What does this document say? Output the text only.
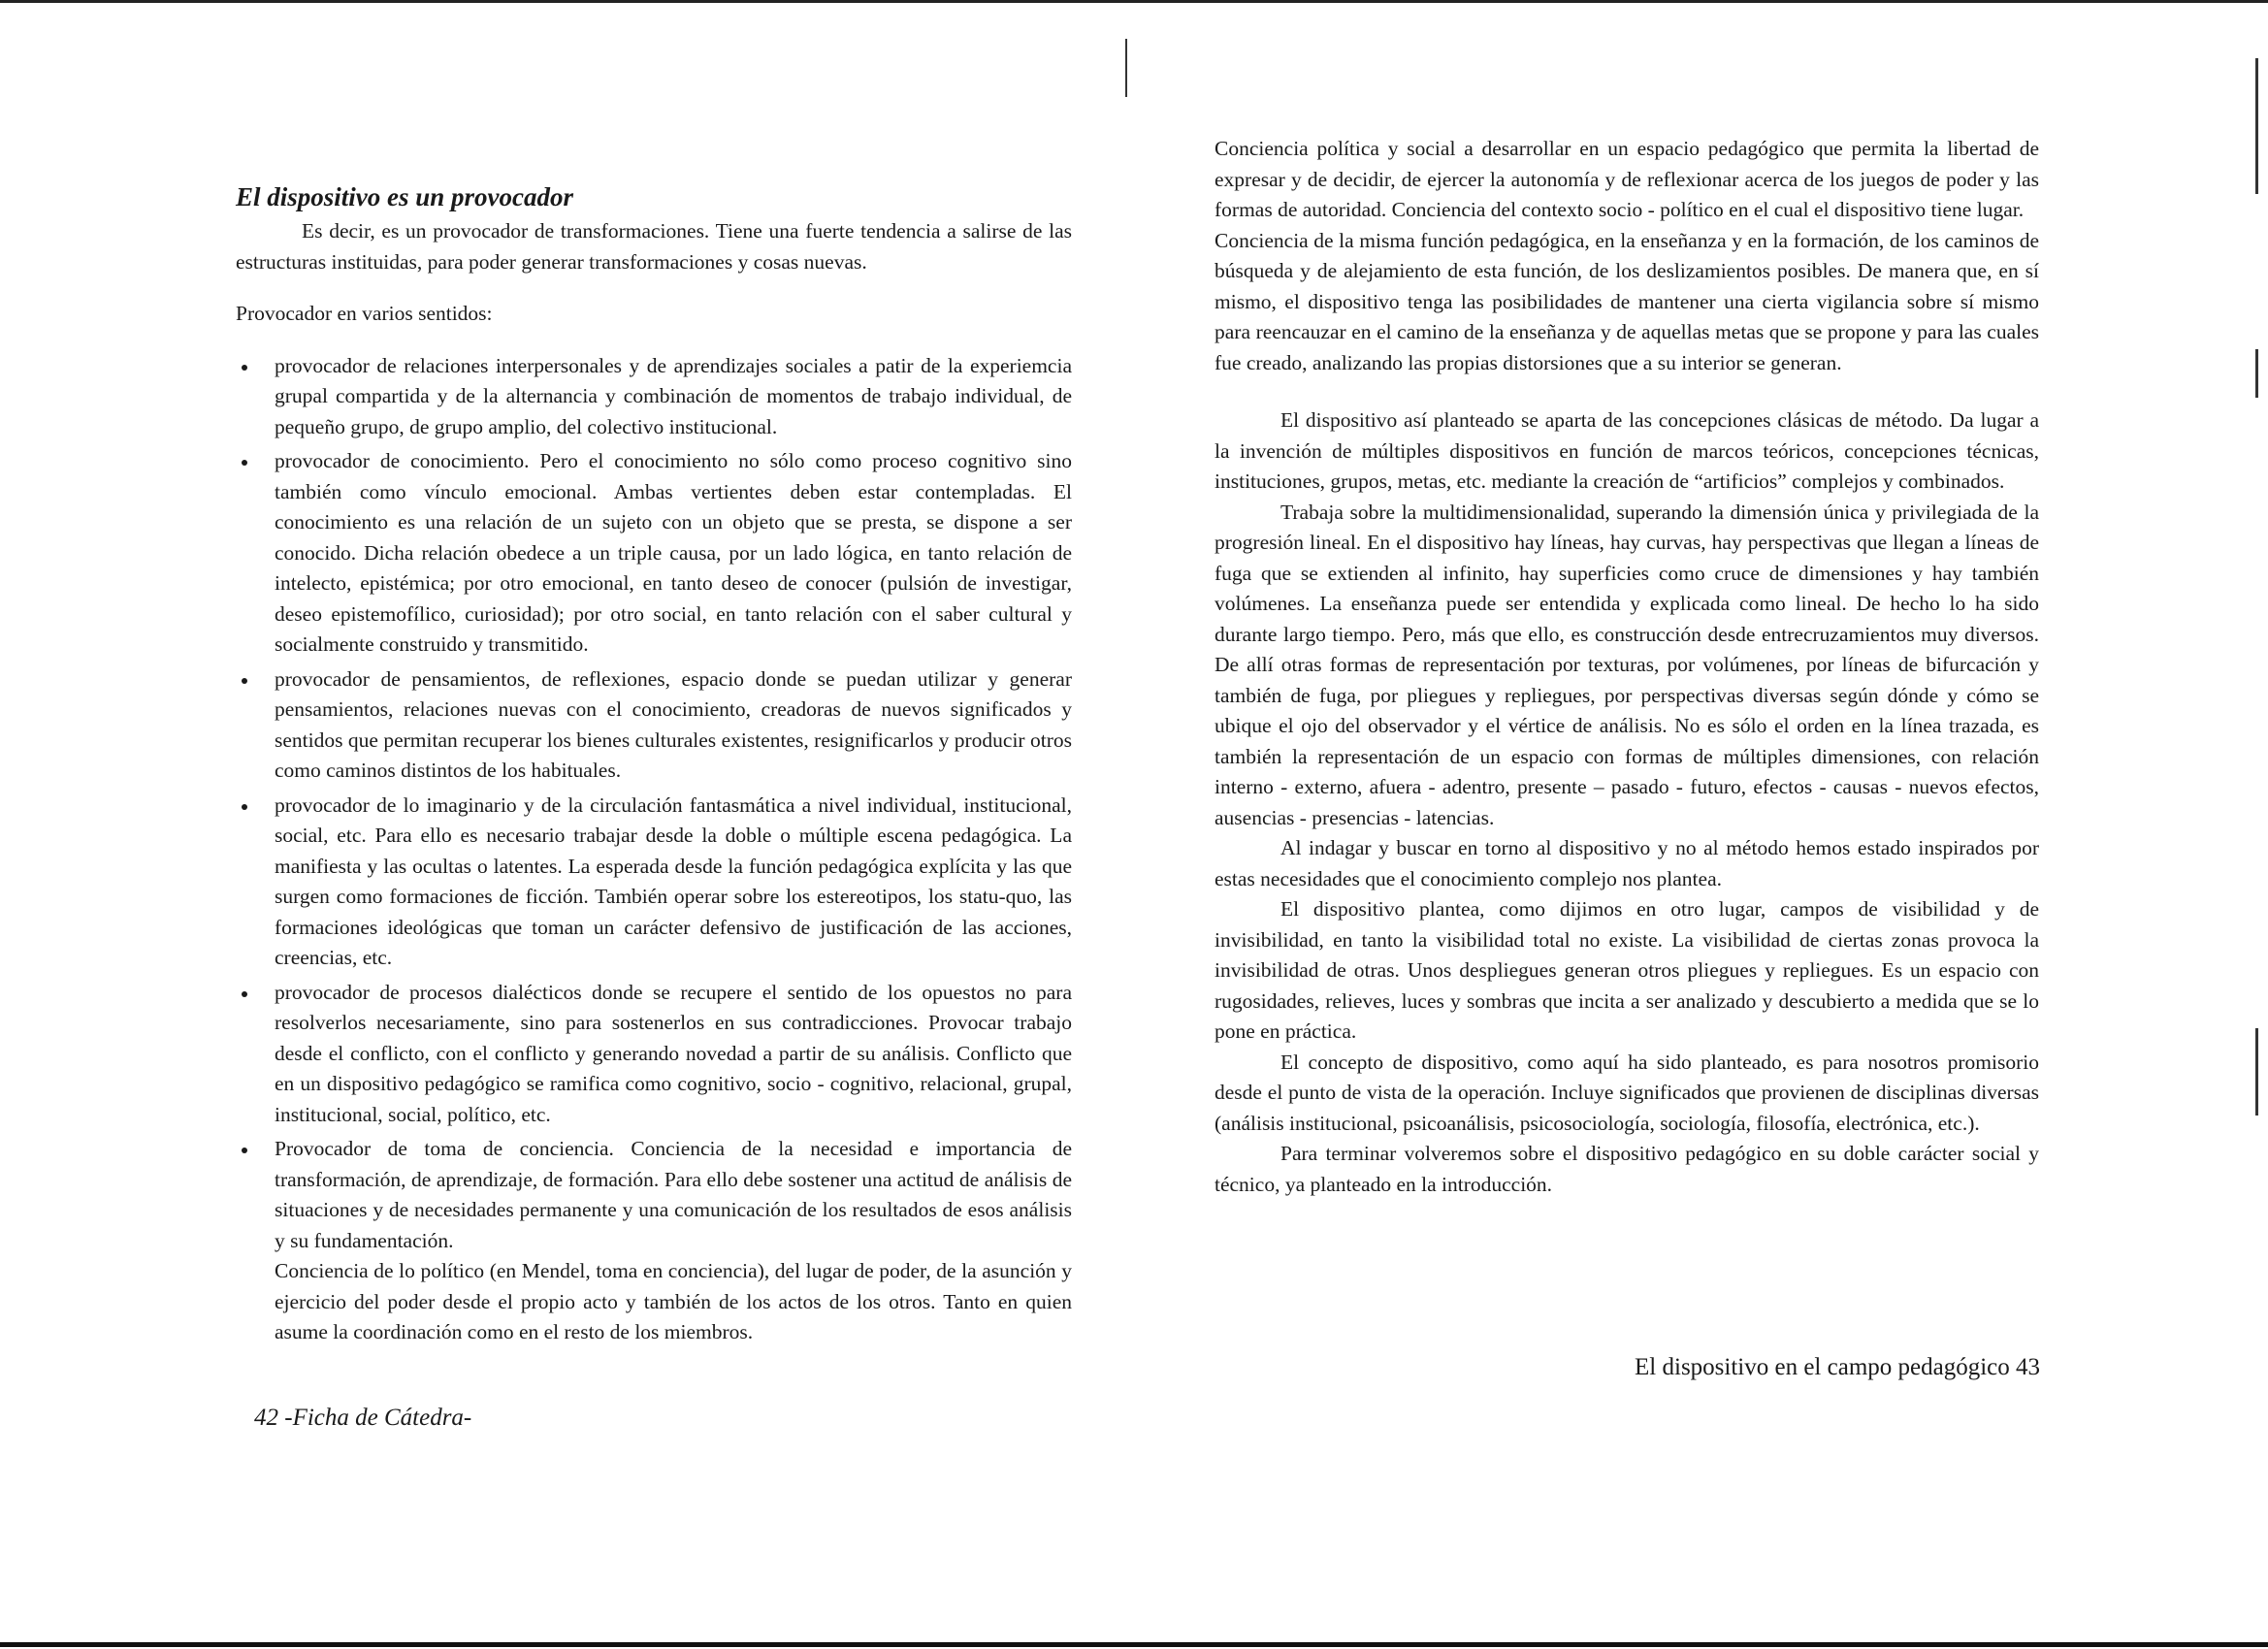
El dispositivo es un provocador

Es decir, es un provocador de transformaciones. Tiene una fuerte tendencia a salirse de las estructuras instituidas, para poder generar transformaciones y cosas nuevas.

Provocador en varios sentidos:

provocador de relaciones interpersonales y de aprendizajes sociales a patir de la experiemcia grupal compartida y de la alternancia y combinación de momentos de trabajo individual, de pequeño grupo, de grupo amplio, del colectivo institucional.

provocador de conocimiento. Pero el conocimiento no sólo como proceso cognitivo sino también como vínculo emocional. Ambas vertientes deben estar contempladas. El conocimiento es una relación de un sujeto con un objeto que se presta, se dispone a ser conocido. Dicha relación obedece a un triple causa, por un lado lógica, en tanto relación de intelecto, epistémica; por otro emocional, en tanto deseo de conocer (pulsión de investigar, deseo epistemofílico, curiosidad); por otro social, en tanto relación con el saber cultural y socialmente construido y transmitido.

provocador de pensamientos, de reflexiones, espacio donde se puedan utilizar y generar pensamientos, relaciones nuevas con el conocimiento, creadoras de nuevos significados y sentidos que permitan recuperar los bienes culturales existentes, resignificarlos y producir otros como caminos distintos de los habituales.

provocador de lo imaginario y de la circulación fantasmática a nivel individual, institucional, social, etc. Para ello es necesario trabajar desde la doble o múltiple escena pedagógica. La manifiesta y las ocultas o latentes. La esperada desde la función pedagógica explícita y las que surgen como formaciones de ficción. También operar sobre los estereotipos, los statu-quo, las formaciones ideológicas que toman un carácter defensivo de justificación de las acciones, creencias, etc.

provocador de procesos dialécticos donde se recupere el sentido de los opuestos no para resolverlos necesariamente, sino para sostenerlos en sus contradicciones. Provocar trabajo desde el conflicto, con el conflicto y generando novedad a partir de su análisis. Conflicto que en un dispositivo pedagógico se ramifica como cognitivo, socio - cognitivo, relacional, grupal, institucional, social, político, etc.

Provocador de toma de conciencia. Conciencia de la necesidad e importancia de transformación, de aprendizaje, de formación. Para ello debe sostener una actitud de análisis de situaciones y de necesidades permanente y una comunicación de los resultados de esos análisis y su fundamentación.

Conciencia de lo político (en Mendel, toma en conciencia), del lugar de poder, de la asunción y ejercicio del poder desde el propio acto y también de los actos de los otros. Tanto en quien asume la coordinación como en el resto de los miembros.
42 -Ficha de Cátedra-

Conciencia política y social a desarrollar en un espacio pedagógico que permita la libertad de expresar y de decidir, de ejercer la autonomía y de reflexionar acerca de los juegos de poder y las formas de autoridad. Conciencia del contexto socio - político en el cual el dispositivo tiene lugar.

Conciencia de la misma función pedagógica, en la enseñanza y en la formación, de los caminos de búsqueda y de alejamiento de esta función, de los deslizamientos posibles. De manera que, en sí mismo, el dispositivo tenga las posibilidades de mantener una cierta vigilancia sobre sí mismo para reencauzar en el camino de la enseñanza y de aquellas metas que se propone y para las cuales fue creado, analizando las propias distorsiones que a su interior se generan.

El dispositivo así planteado se aparta de las concepciones clásicas de método. Da lugar a la invención de múltiples dispositivos en función de marcos teóricos, concepciones técnicas, instituciones, grupos, metas, etc. mediante la creación de “artificios” complejos y combinados.

Trabaja sobre la multidimensionalidad, superando la dimensión única y privilegiada de la progresión lineal. En el dispositivo hay líneas, hay curvas, hay perspectivas que llegan a líneas de fuga que se extienden al infinito, hay superficies como cruce de dimensiones y hay también volúmenes. La enseñanza puede ser entendida y explicada como lineal. De hecho lo ha sido durante largo tiempo. Pero, más que ello, es construcción desde entrecruzamientos muy diversos. De allí otras formas de representación por texturas, por volúmenes, por líneas de bifurcación y también de fuga, por pliegues y repliegues, por perspectivas diversas según dónde y cómo se ubique el ojo del observador y el vértice de análisis. No es sólo el orden en la línea trazada, es también la representación de un espacio con formas de múltiples dimensiones, con relación interno - externo, afuera - adentro, presente – pasado - futuro, efectos - causas - nuevos efectos, ausencias - presencias - latencias.

Al indagar y buscar en torno al dispositivo y no al método hemos estado inspirados por estas necesidades que el conocimiento complejo nos plantea.

El dispositivo plantea, como dijimos en otro lugar, campos de visibilidad y de invisibilidad, en tanto la visibilidad total no existe. La visibilidad de ciertas zonas provoca la invisibilidad de otras. Unos despliegues generan otros pliegues y repliegues. Es un espacio con rugosidades, relieves, luces y sombras que incita a ser analizado y descubierto a medida que se lo pone en práctica.

El concepto de dispositivo, como aquí ha sido planteado, es para nosotros promisorio desde el punto de vista de la operación. Incluye significados que provienen de disciplinas diversas (análisis institucional, psicoanálisis, psicosociología, sociología, filosofía, electrónica, etc.).

Para terminar volveremos sobre el dispositivo pedagógico en su doble carácter social y técnico, ya planteado en la introducción.

El dispositivo en el campo pedagógico 43
